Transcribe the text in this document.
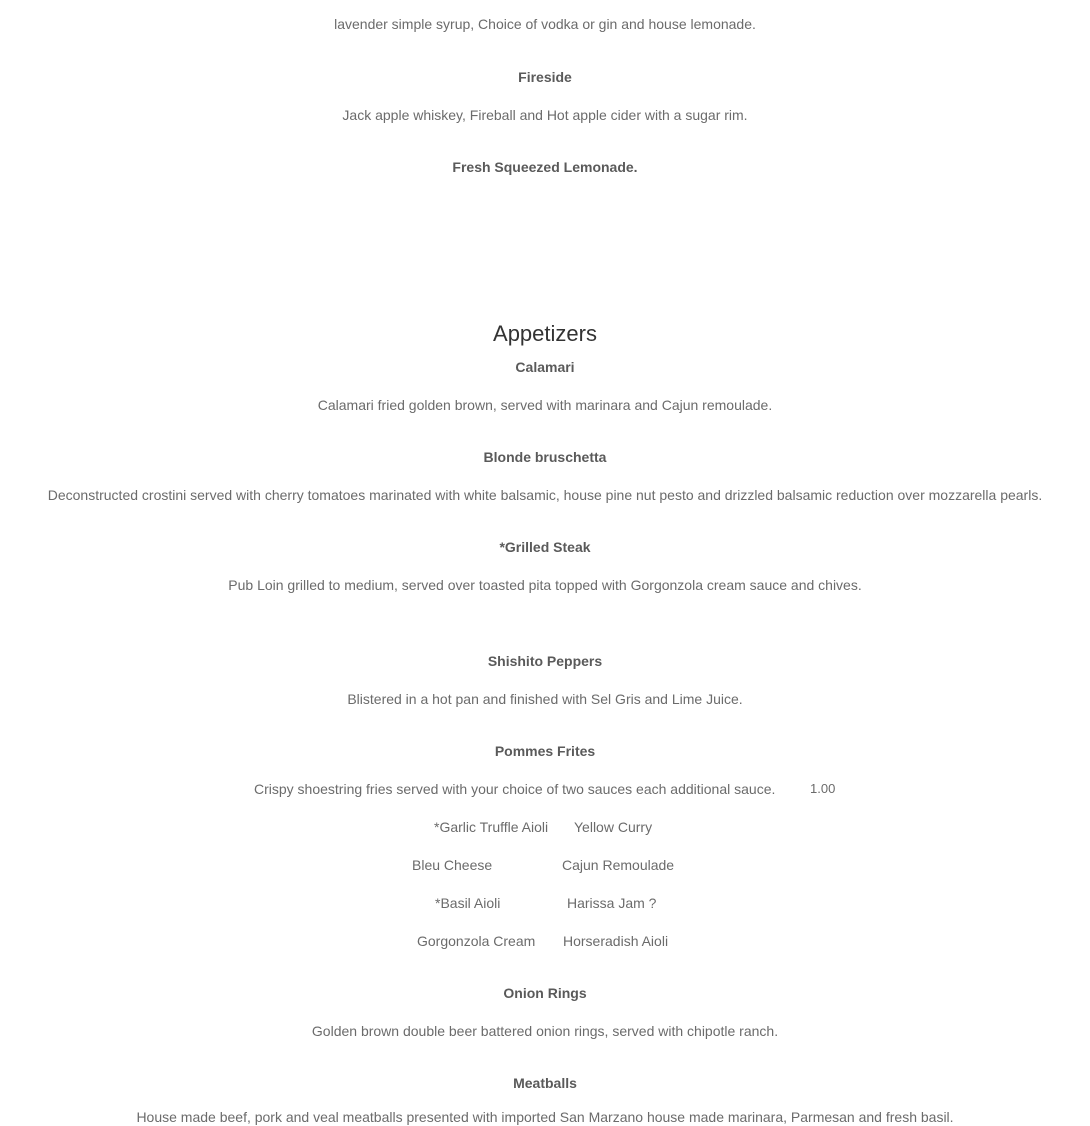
lavender simple syrup, Choice of vodka or gin and house lemonade.
Fireside
Jack apple whiskey, Fireball and Hot apple cider with a sugar rim.
Fresh Squeezed Lemonade.
Appetizers
Calamari
Calamari fried golden brown, served with marinara and Cajun remoulade.
Blonde bruschetta
Deconstructed crostini served with cherry tomatoes marinated with white balsamic, house pine nut pesto and drizzled balsamic reduction over mozzarella pearls.
*Grilled Steak
Pub Loin grilled to medium, served over toasted pita topped with Gorgonzola cream sauce and chives.
Shishito Peppers
Blistered in a hot pan and finished with Sel Gris and Lime Juice.
Pommes Frites
Crispy shoestring fries served with your choice of two sauces each additional sauce.	1.00
*Garlic Truffle Aioli Yellow Curry
Bleu Cheese	Cajun Remoulade
*Basil Aioli	Harissa Jam ?
Gorgonzola Cream Horseradish Aioli
Onion Rings
Golden brown double beer battered onion rings, served with chipotle ranch.
Meatballs
House made beef, pork and veal meatballs presented with imported San Marzano house made marinara, Parmesan and fresh basil.
